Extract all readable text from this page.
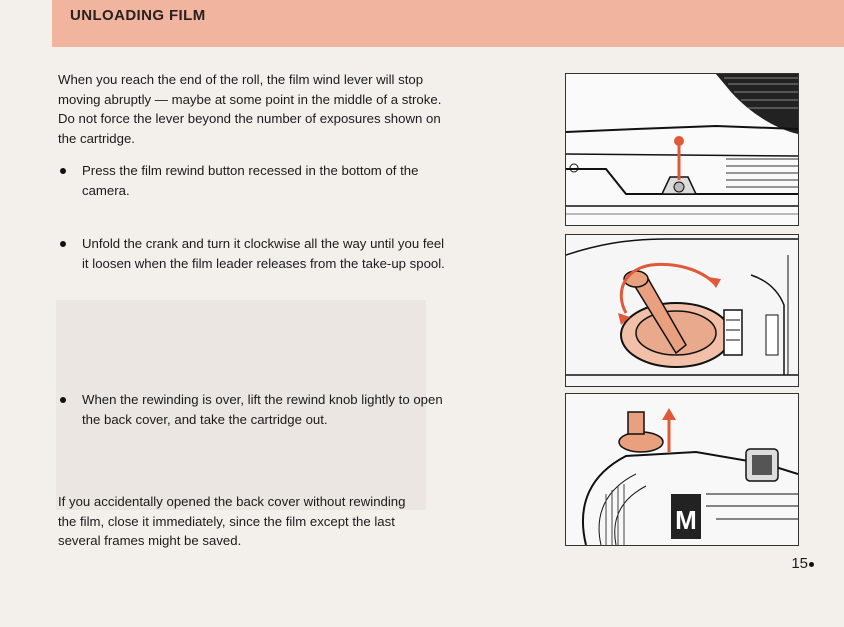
UNLOADING FILM
When you reach the end of the roll, the film wind lever will stop
moving abruptly — maybe at some point in the middle of a stroke.
Do not force the lever beyond the number of exposures shown on
the cartridge.
Press the film rewind button recessed in the bottom of the
camera.
Unfold the crank and turn it clockwise all the way until you feel
it loosen when the film leader releases from the take-up spool.
When the rewinding is over, lift the rewind knob lightly to open
the back cover, and take the cartridge out.
If you accidentally opened the back cover without rewinding
the film, close it immediately, since the film except the last
several frames might be saved.
M
15
